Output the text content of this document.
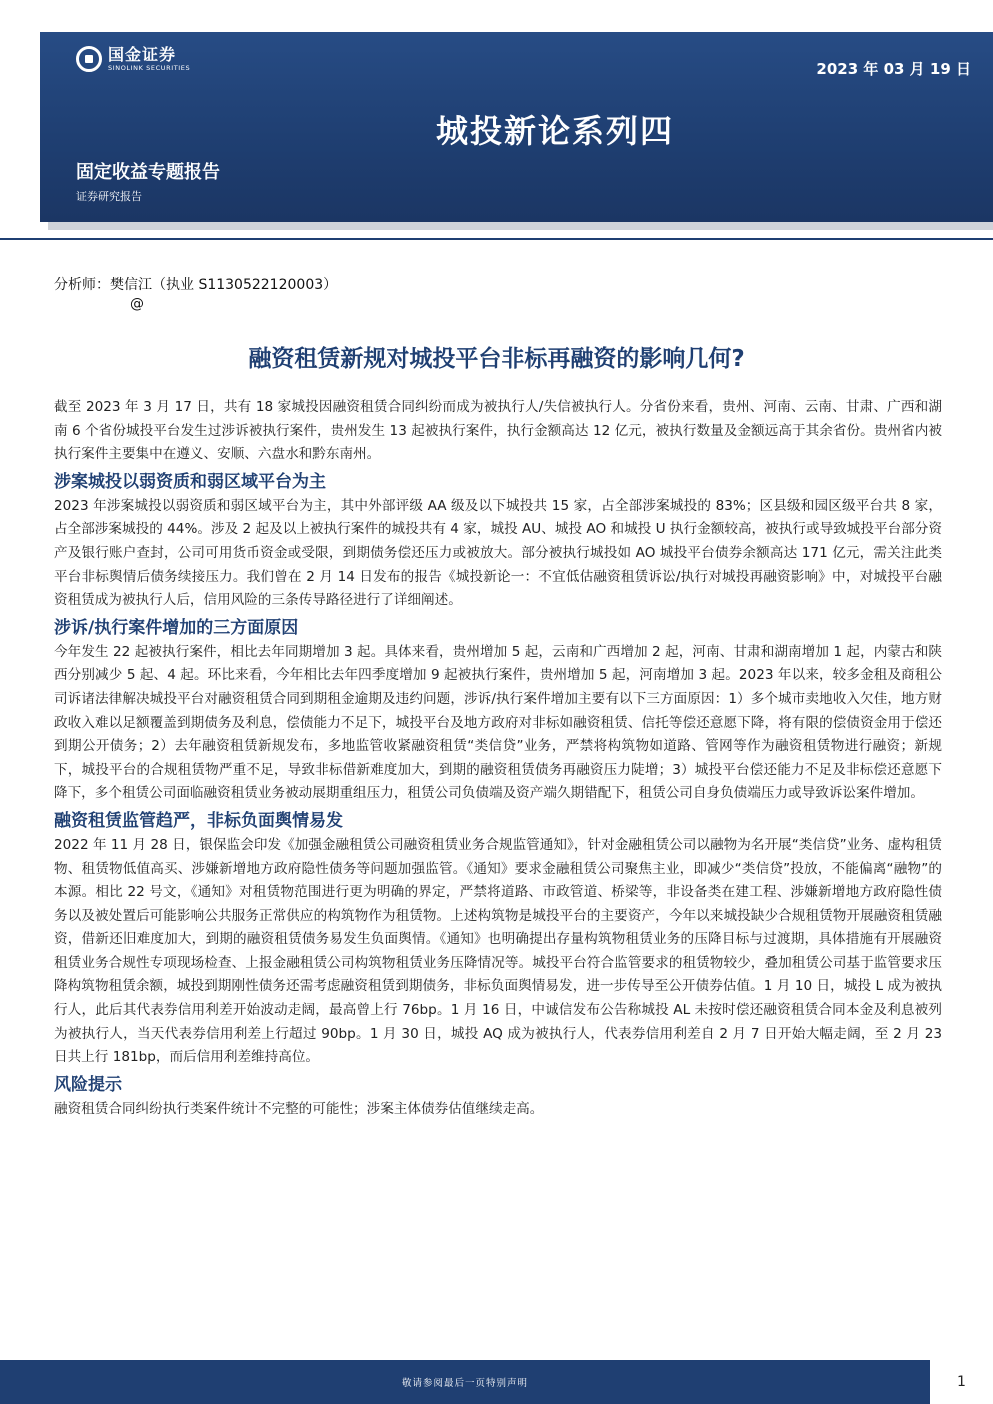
国金证券
SINOLINK SECURITIES	2023 年 03 月 19 日
城投新论系列四
固定收益专题报告
证券研究报告
分析师：樊信江（执业 S1130522120003）
@
融资租赁新规对城投平台非标再融资的影响几何?

截至 2023 年 3 月 17 日，共有 18 家城投因融资租赁合同纠纷而成为被执行人/失信被执行人。分省份来看，贵州、河南、云南、甘肃、广西和湖南 6 个省份城投平台发生过涉诉被执行案件，贵州发生 13 起被执行案件，执行金额高达 12 亿元，被执行数量及金额远高于其余省份。贵州省内被执行案件主要集中在遵义、安顺、六盘水和黔东南州。

涉案城投以弱资质和弱区域平台为主

2023 年涉案城投以弱资质和弱区域平台为主，其中外部评级 AA 级及以下城投共 15 家，占全部涉案城投的 83%；区县级和园区级平台共 8 家，占全部涉案城投的 44%。涉及 2 起及以上被执行案件的城投共有 4 家，城投 AU、城投 AO 和城投 U 执行金额较高，被执行或导致城投平台部分资产及银行账户查封，公司可用货币资金或受限，到期债务偿还压力或被放大。部分被执行城投如 AO 城投平台债券余额高达 171 亿元，需关注此类平台非标舆情后债务续接压力。我们曾在 2 月 14 日发布的报告《城投新论一：不宜低估融资租赁诉讼/执行对城投再融资影响》中，对城投平台融资租赁成为被执行人后，信用风险的三条传导路径进行了详细阐述。

涉诉/执行案件增加的三方面原因

今年发生 22 起被执行案件，相比去年同期增加 3 起。具体来看，贵州增加 5 起，云南和广西增加 2 起，河南、甘肃和湖南增加 1 起，内蒙古和陕西分别减少 5 起、4 起。环比来看，今年相比去年四季度增加 9 起被执行案件，贵州增加 5 起，河南增加 3 起。2023 年以来，较多金租及商租公司诉诸法律解决城投平台对融资租赁合同到期租金逾期及违约问题，涉诉/执行案件增加主要有以下三方面原因：1）多个城市卖地收入欠佳，地方财政收入难以足额覆盖到期债务及利息，偿债能力不足下，城投平台及地方政府对非标如融资租赁、信托等偿还意愿下降，将有限的偿债资金用于偿还到期公开债务；2）去年融资租赁新规发布，多地监管收紧融资租赁“类信贷”业务，严禁将构筑物如道路、管网等作为融资租赁物进行融资；新规下，城投平台的合规租赁物严重不足，导致非标借新难度加大，到期的融资租赁债务再融资压力陡增；3）城投平台偿还能力不足及非标偿还意愿下降下，多个租赁公司面临融资租赁业务被动展期重组压力，租赁公司负债端及资产端久期错配下，租赁公司自身负债端压力或导致诉讼案件增加。

融资租赁监管趋严，非标负面舆情易发

2022 年 11 月 28 日，银保监会印发《加强金融租赁公司融资租赁业务合规监管通知》，针对金融租赁公司以融物为名开展“类信贷”业务、虚构租赁物、租赁物低值高买、涉嫌新增地方政府隐性债务等问题加强监管。《通知》要求金融租赁公司聚焦主业，即减少“类信贷”投放，不能偏离“融物”的本源。相比 22 号文，《通知》对租赁物范围进行更为明确的界定，严禁将道路、市政管道、桥梁等，非设备类在建工程、涉嫌新增地方政府隐性债务以及被处置后可能影响公共服务正常供应的构筑物作为租赁物。上述构筑物是城投平台的主要资产，今年以来城投缺少合规租赁物开展融资租赁融资，借新还旧难度加大，到期的融资租赁债务易发生负面舆情。《通知》也明确提出存量构筑物租赁业务的压降目标与过渡期，具体措施有开展融资租赁业务合规性专项现场检查、上报金融租赁公司构筑物租赁业务压降情况等。城投平台符合监管要求的租赁物较少，叠加租赁公司基于监管要求压降构筑物租赁余额，城投到期刚性债务还需考虑融资租赁到期债务，非标负面舆情易发，进一步传导至公开债券估值。1 月 10 日，城投 L 成为被执行人，此后其代表券信用利差开始波动走阔，最高曾上行 76bp。1 月 16 日，中诚信发布公告称城投 AL 未按时偿还融资租赁合同本金及利息被列为被执行人，当天代表券信用利差上行超过 90bp。1 月 30 日，城投 AQ 成为被执行人，代表券信用利差自 2 月 7 日开始大幅走阔，至 2 月 23 日共上行 181bp，而后信用利差维持高位。

风险提示

融资租赁合同纠纷执行类案件统计不完整的可能性；涉案主体债券估值继续走高。

敬请参阅最后一页特别声明	1
